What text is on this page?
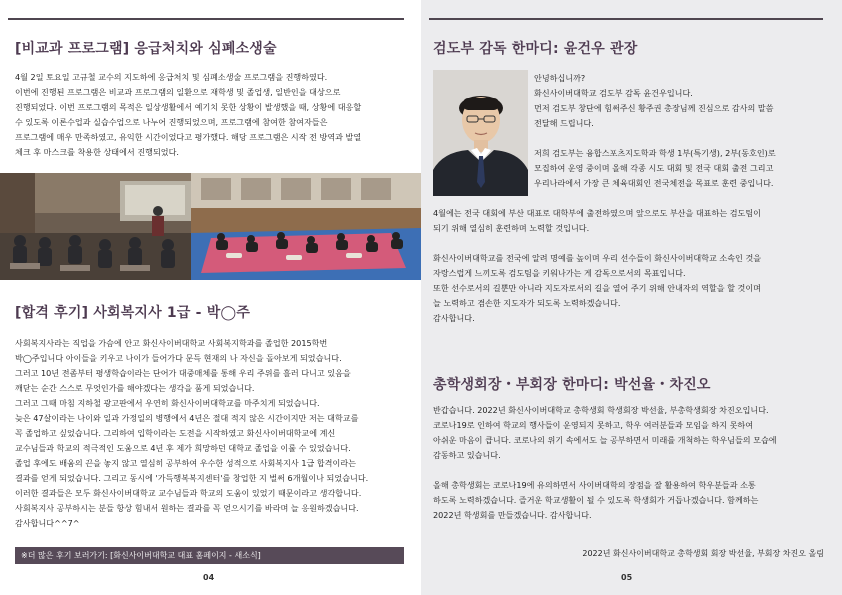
[비교과 프로그램] 응급처치와 심폐소생술

4월 2일 토요일 고규철 교수의 지도하에 응급처치 및 심폐소생술 프로그램을 진행하였다.

이번에 진행된 프로그램은 비교과 프로그램의 일환으로 재학생 및 졸업생, 일반인을 대상으로

진행되었다. 이번 프로그램의 목적은 일상생활에서 예기치 못한 상황이 발생했을 때, 상황에 대응할

수 있도록 이론수업과 실습수업으로 나누어 진행되었으며, 프로그램에 참여한 참여자들은

프로그램에 매우 만족하였고, 유익한 시간이었다고 평가했다. 해당 프로그램은 시작 전 방역과 발열

체크 후 마스크를 착용한 상태에서 진행되었다.

[합격 후기] 사회복지사 1급 - 박◯주

사회복지사라는 직업을 가슴에 안고 화신사이버대학교 사회복지학과를 졸업한 2015학번

박◯주입니다 아이들을 키우고 나이가 들어가다 문득 현재의 나 자신을 돌아보게 되었습니다.

그러고 10년 전좀부터 평생학습이라는 단어가 대중매체를 통해 우리 주위를 흘러 다니고 있음을

깨닫는 순간 스스로 무엇인가를 해야겠다는 생각을 품게 되었습니다.

그러고 그때 마침 지하철 광고판에서 우연히 화신사이버대학교를 마주치게 되었습니다.

늦은 47살이라는 나이와 일과 가정일의 병행에서 4년은 절대 적지 않은 시간이지만 저는 대학교를

꼭 졸업하고 싶었습니다. 그리하여 입학이라는 도전을 시작하였고 화신사이버대학교에 계신

교수님들과 학교의 적극적인 도움으로 4년 후 제가 희망하던 대학교 졸업을 이룰 수 있었습니다.

졸업 후에도 배움의 끈을 놓지 않고 열심히 공부하여 우수한 성적으로 사회복지사 1급 합격이라는

결과를 얻게 되었습니다. 그리고 동시에 '가득행복복지센터'를 창업한 지 벌써 6개월이나 되었습니다.

이러한 결과들은 모두 화신사이버대학교 교수님들과 학교의 도움이 있었기 때문이라고 생각합니다.

사회복지사 공부하시는 분들 항상 힘내서 원하는 결과를 꼭 얻으시기를 바라며 늘 응원하겠습니다.

감사합니다^^7^

※더 많은 후기 보러가기: [화신사이버대학교 대표 홈페이지 - 새소식]
04
검도부 감독 한마디: 윤건우 관장

안녕하십니까?

화신사이버대학교 검도부 감독 윤건우입니다.

먼저 검도부 창단에 힘써주신 황주권 총장님께 진심으로 감사의 말씀

전달해 드립니다.

저희 검도부는 융합스포츠지도학과 학생 1부(특기생), 2부(동호인)로

모집하여 운영 중이며 올해 각종 시도 대회 및 전국 대회 출전 그리고

우리나라에서 가장 큰 체육대회인 전국체전을 목표로 훈련 중입니다.

4월에는 전국 대회에 부산 대표로 대학부에 출전하였으며 앞으로도 부산을 대표하는 검도팀이

되기 위해 열심히 훈련하며 노력할 것입니다.

화신사이버대학교를 전국에 알려 명예를 높이며 우리 선수들이 화신사이버대학교 소속인 것을

자랑스럽게 느끼도록 검도팀을 키워나가는 게 감독으로서의 목표입니다.

또한 선수로서의 길뿐만 아니라 지도자로서의 길을 열어 주기 위해 안내자의 역할을 할 것이며

늘 노력하고 겸손한 지도자가 되도록 노력하겠습니다.

감사합니다.

총학생회장・부회장 한마디: 박선율・차진오

반갑습니다. 2022년 화신사이버대학교 총학생회 학생회장 박선율, 부총학생회장 차진오입니다.

코로나19로 인하여 학교의 행사들이 운영되지 못하고, 학우 여러분들과 모임을 하지 못하여

아쉬운 마음이 큽니다. 코로나의 위기 속에서도 늘 공부하면서 미래를 개척하는 학우님들의 모습에

감동하고 있습니다.

올해 총학생회는 코로나19에 유의하면서 사이버대학의 장점을 잘 활용하여 학우분들과 소통

하도록 노력하겠습니다. 즐거운 학교생활이 될 수 있도록 학생회가 거듭나겠습니다. 함께하는

2022년 학생회를 만들겠습니다. 감사합니다.

2022년 화신사이버대학교 총학생회 회장 박선율, 부회장 차진오 올림
05
